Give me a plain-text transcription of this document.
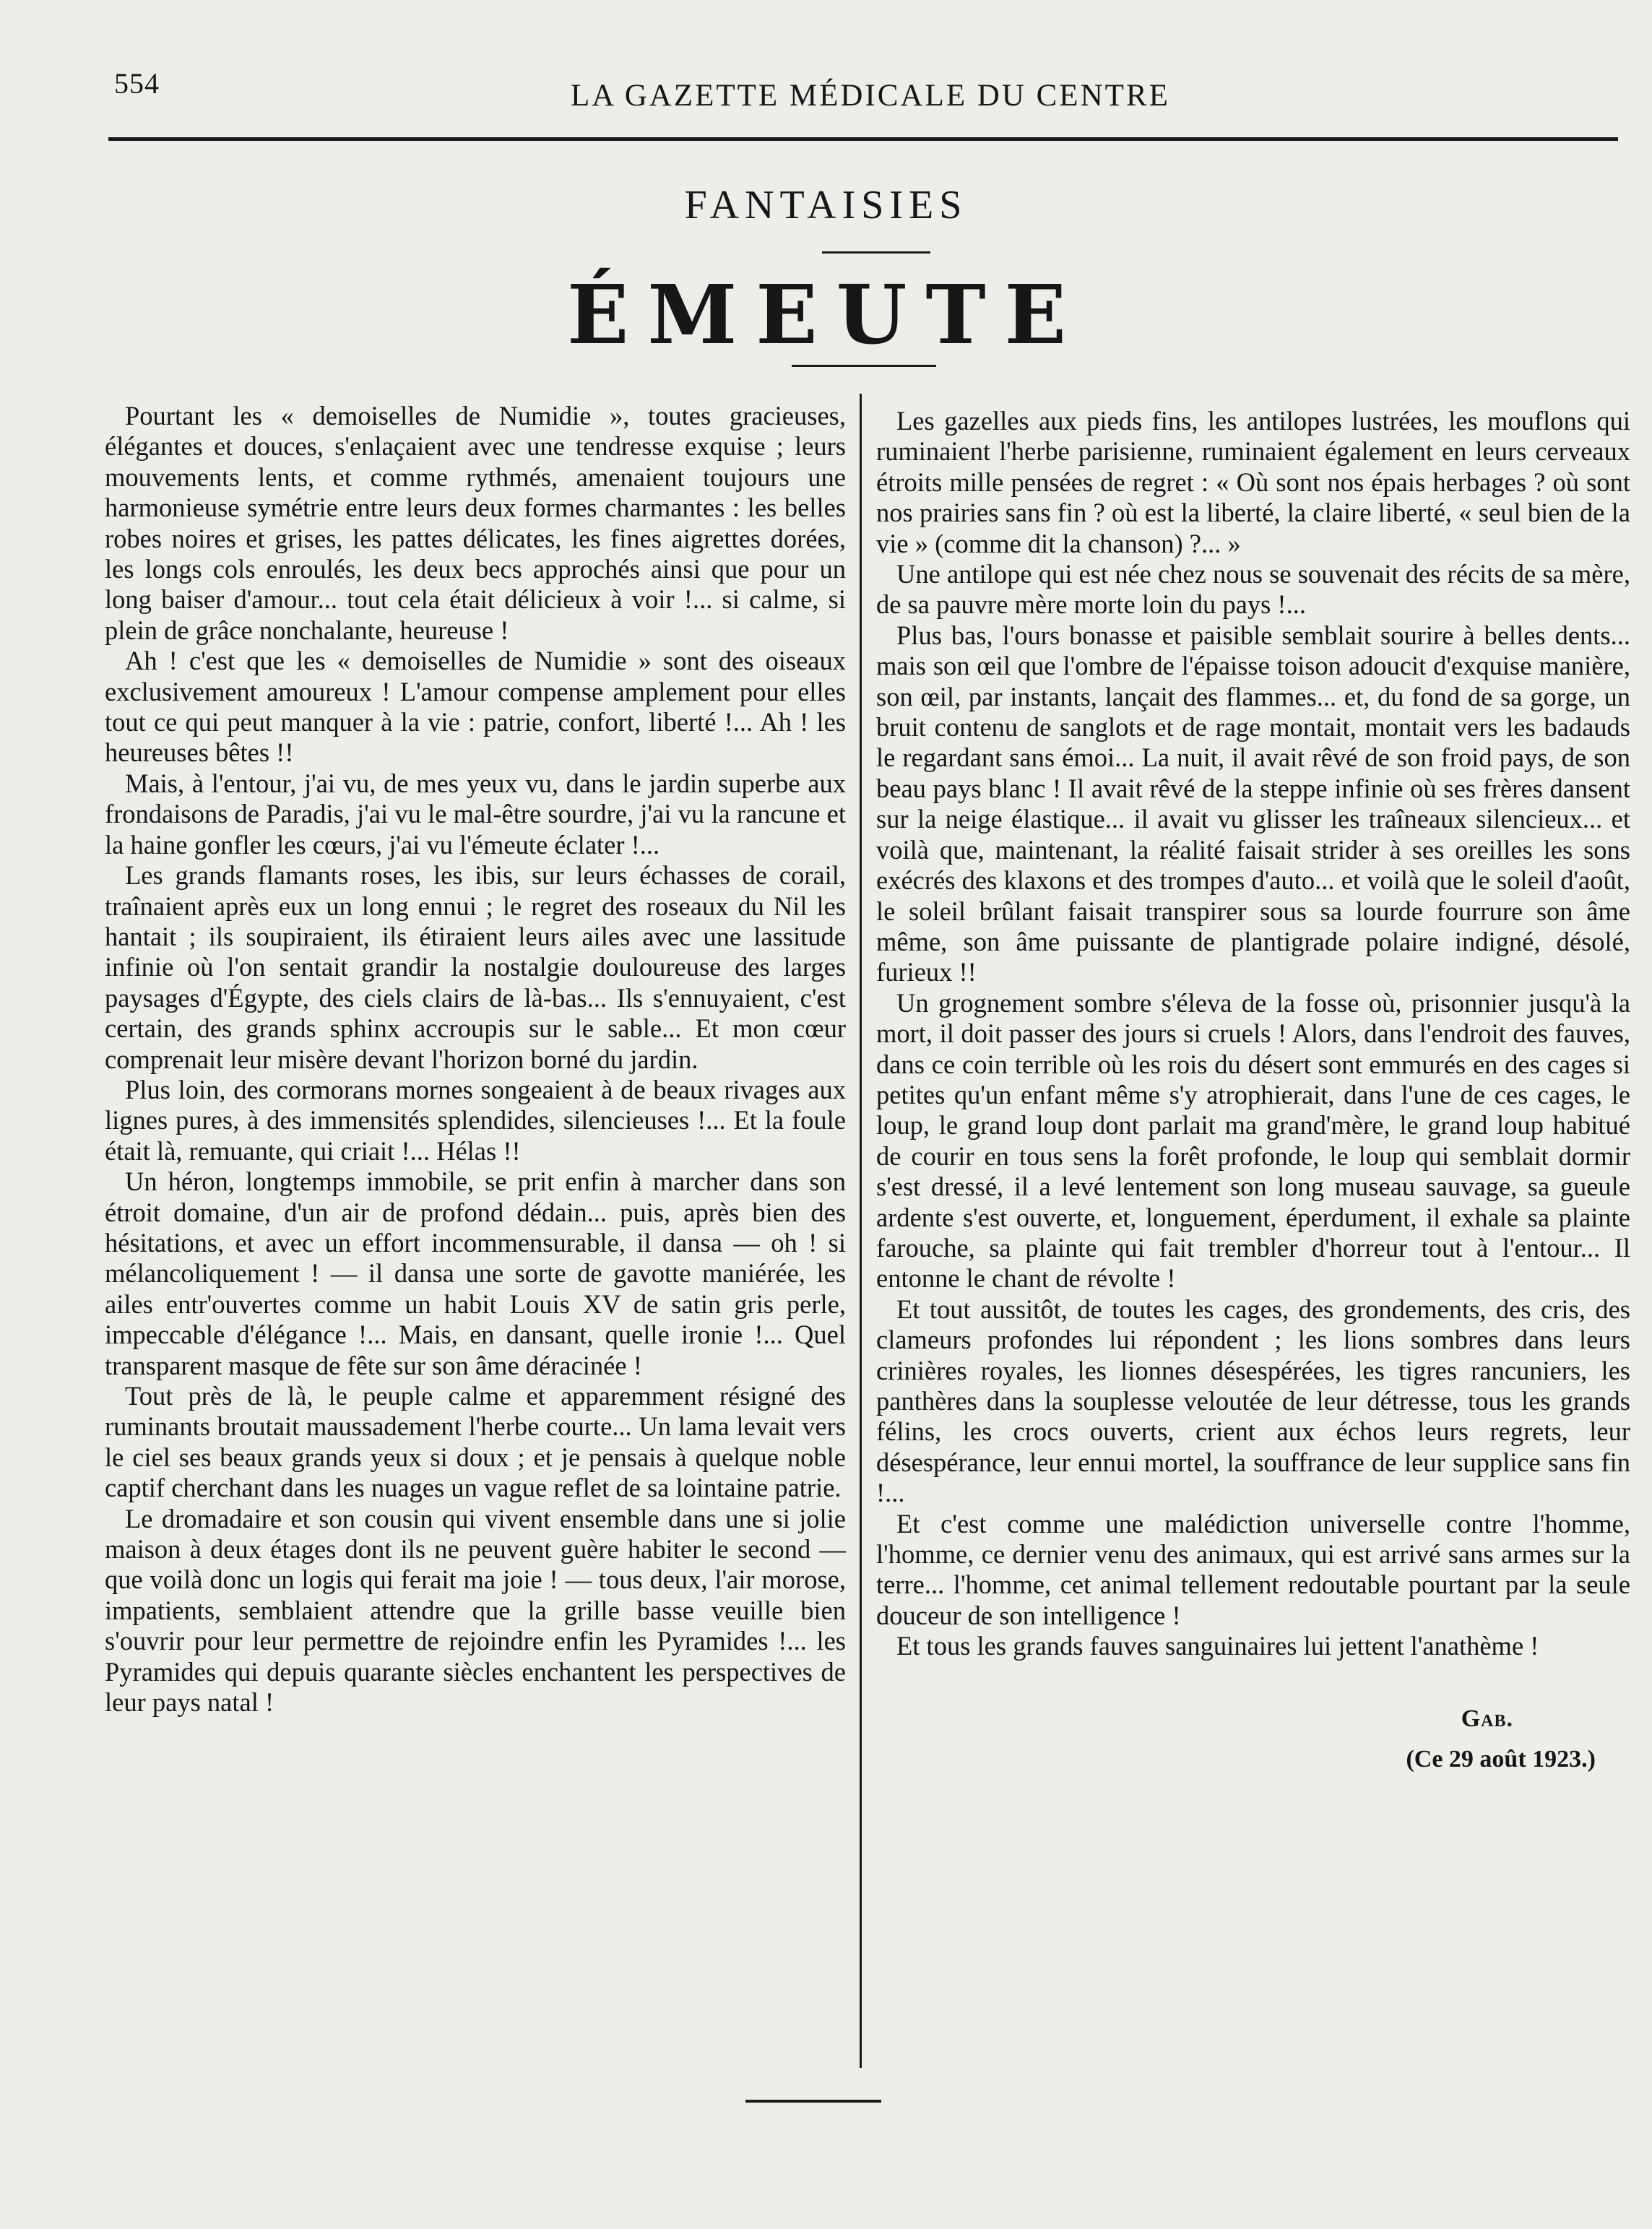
554	LA GAZETTE MÉDICALE DU CENTRE
FANTAISIES
ÉMEUTE

Pourtant les « demoiselles de Numidie », toutes gracieuses, élégantes et douces, s'enlaçaient avec une tendresse exquise ; leurs mouvements lents, et comme rythmés, amenaient toujours une harmonieuse symétrie entre leurs deux formes charmantes : les belles robes noires et grises, les pattes délicates, les fines aigrettes dorées, les longs cols enroulés, les deux becs approchés ainsi que pour un long baiser d'amour... tout cela était délicieux à voir !... si calme, si plein de grâce nonchalante, heureuse !

Ah ! c'est que les « demoiselles de Numidie » sont des oiseaux exclusivement amoureux ! L'amour compense amplement pour elles tout ce qui peut manquer à la vie : patrie, confort, liberté !... Ah ! les heureuses bêtes !!

Mais, à l'entour, j'ai vu, de mes yeux vu, dans le jardin superbe aux frondaisons de Paradis, j'ai vu le mal-être sourdre, j'ai vu la rancune et la haine gonfler les cœurs, j'ai vu l'émeute éclater !...

Les grands flamants roses, les ibis, sur leurs échasses de corail, traînaient après eux un long ennui ; le regret des roseaux du Nil les hantait ; ils soupiraient, ils étiraient leurs ailes avec une lassitude infinie où l'on sentait grandir la nostalgie douloureuse des larges paysages d'Égypte, des ciels clairs de là-bas... Ils s'ennuyaient, c'est certain, des grands sphinx accroupis sur le sable... Et mon cœur comprenait leur misère devant l'horizon borné du jardin.

Plus loin, des cormorans mornes songeaient à de beaux rivages aux lignes pures, à des immensités splendides, silencieuses !... Et la foule était là, remuante, qui criait !... Hélas !!

Un héron, longtemps immobile, se prit enfin à marcher dans son étroit domaine, d'un air de profond dédain... puis, après bien des hésitations, et avec un effort incommensurable, il dansa — oh ! si mélancoliquement ! — il dansa une sorte de gavotte maniérée, les ailes entr'ouvertes comme un habit Louis XV de satin gris perle, impeccable d'élégance !... Mais, en dansant, quelle ironie !... Quel transparent masque de fête sur son âme déracinée !

Tout près de là, le peuple calme et apparemment résigné des ruminants broutait maussadement l'herbe courte... Un lama levait vers le ciel ses beaux grands yeux si doux ; et je pensais à quelque noble captif cherchant dans les nuages un vague reflet de sa lointaine patrie.

Le dromadaire et son cousin qui vivent ensemble dans une si jolie maison à deux étages dont ils ne peuvent guère habiter le second — que voilà donc un logis qui ferait ma joie ! — tous deux, l'air morose, impatients, semblaient attendre que la grille basse veuille bien s'ouvrir pour leur permettre de rejoindre enfin les Pyramides !... les Pyramides qui depuis quarante siècles enchantent les perspectives de leur pays natal !

Les gazelles aux pieds fins, les antilopes lustrées, les mouflons qui ruminaient l'herbe parisienne, ruminaient également en leurs cerveaux étroits mille pensées de regret : « Où sont nos épais herbages ? où sont nos prairies sans fin ? où est la liberté, la claire liberté, « seul bien de la vie » (comme dit la chanson) ?... »

Une antilope qui est née chez nous se souvenait des récits de sa mère, de sa pauvre mère morte loin du pays !...

Plus bas, l'ours bonasse et paisible semblait sourire à belles dents... mais son œil que l'ombre de l'épaisse toison adoucit d'exquise manière, son œil, par instants, lançait des flammes... et, du fond de sa gorge, un bruit contenu de sanglots et de rage montait, montait vers les badauds le regardant sans émoi... La nuit, il avait rêvé de son froid pays, de son beau pays blanc ! Il avait rêvé de la steppe infinie où ses frères dansent sur la neige élastique... il avait vu glisser les traîneaux silencieux... et voilà que, maintenant, la réalité faisait strider à ses oreilles les sons exécrés des klaxons et des trompes d'auto... et voilà que le soleil d'août, le soleil brûlant faisait transpirer sous sa lourde fourrure son âme même, son âme puissante de plantigrade polaire indigné, désolé, furieux !!

Un grognement sombre s'éleva de la fosse où, prisonnier jusqu'à la mort, il doit passer des jours si cruels ! Alors, dans l'endroit des fauves, dans ce coin terrible où les rois du désert sont emmurés en des cages si petites qu'un enfant même s'y atrophierait, dans l'une de ces cages, le loup, le grand loup dont parlait ma grand'mère, le grand loup habitué de courir en tous sens la forêt profonde, le loup qui semblait dormir s'est dressé, il a levé lentement son long museau sauvage, sa gueule ardente s'est ouverte, et, longuement, éperdument, il exhale sa plainte farouche, sa plainte qui fait trembler d'horreur tout à l'entour... Il entonne le chant de révolte !

Et tout aussitôt, de toutes les cages, des grondements, des cris, des clameurs profondes lui répondent ; les lions sombres dans leurs crinières royales, les lionnes désespérées, les tigres rancuniers, les panthères dans la souplesse veloutée de leur détresse, tous les grands félins, les crocs ouverts, crient aux échos leurs regrets, leur désespérance, leur ennui mortel, la souffrance de leur supplice sans fin !...

Et c'est comme une malédiction universelle contre l'homme, l'homme, ce dernier venu des animaux, qui est arrivé sans armes sur la terre... l'homme, cet animal tellement redoutable pourtant par la seule douceur de son intelligence !

Et tous les grands fauves sanguinaires lui jettent l'anathème !

Gab.
(Ce 29 août 1923.)
